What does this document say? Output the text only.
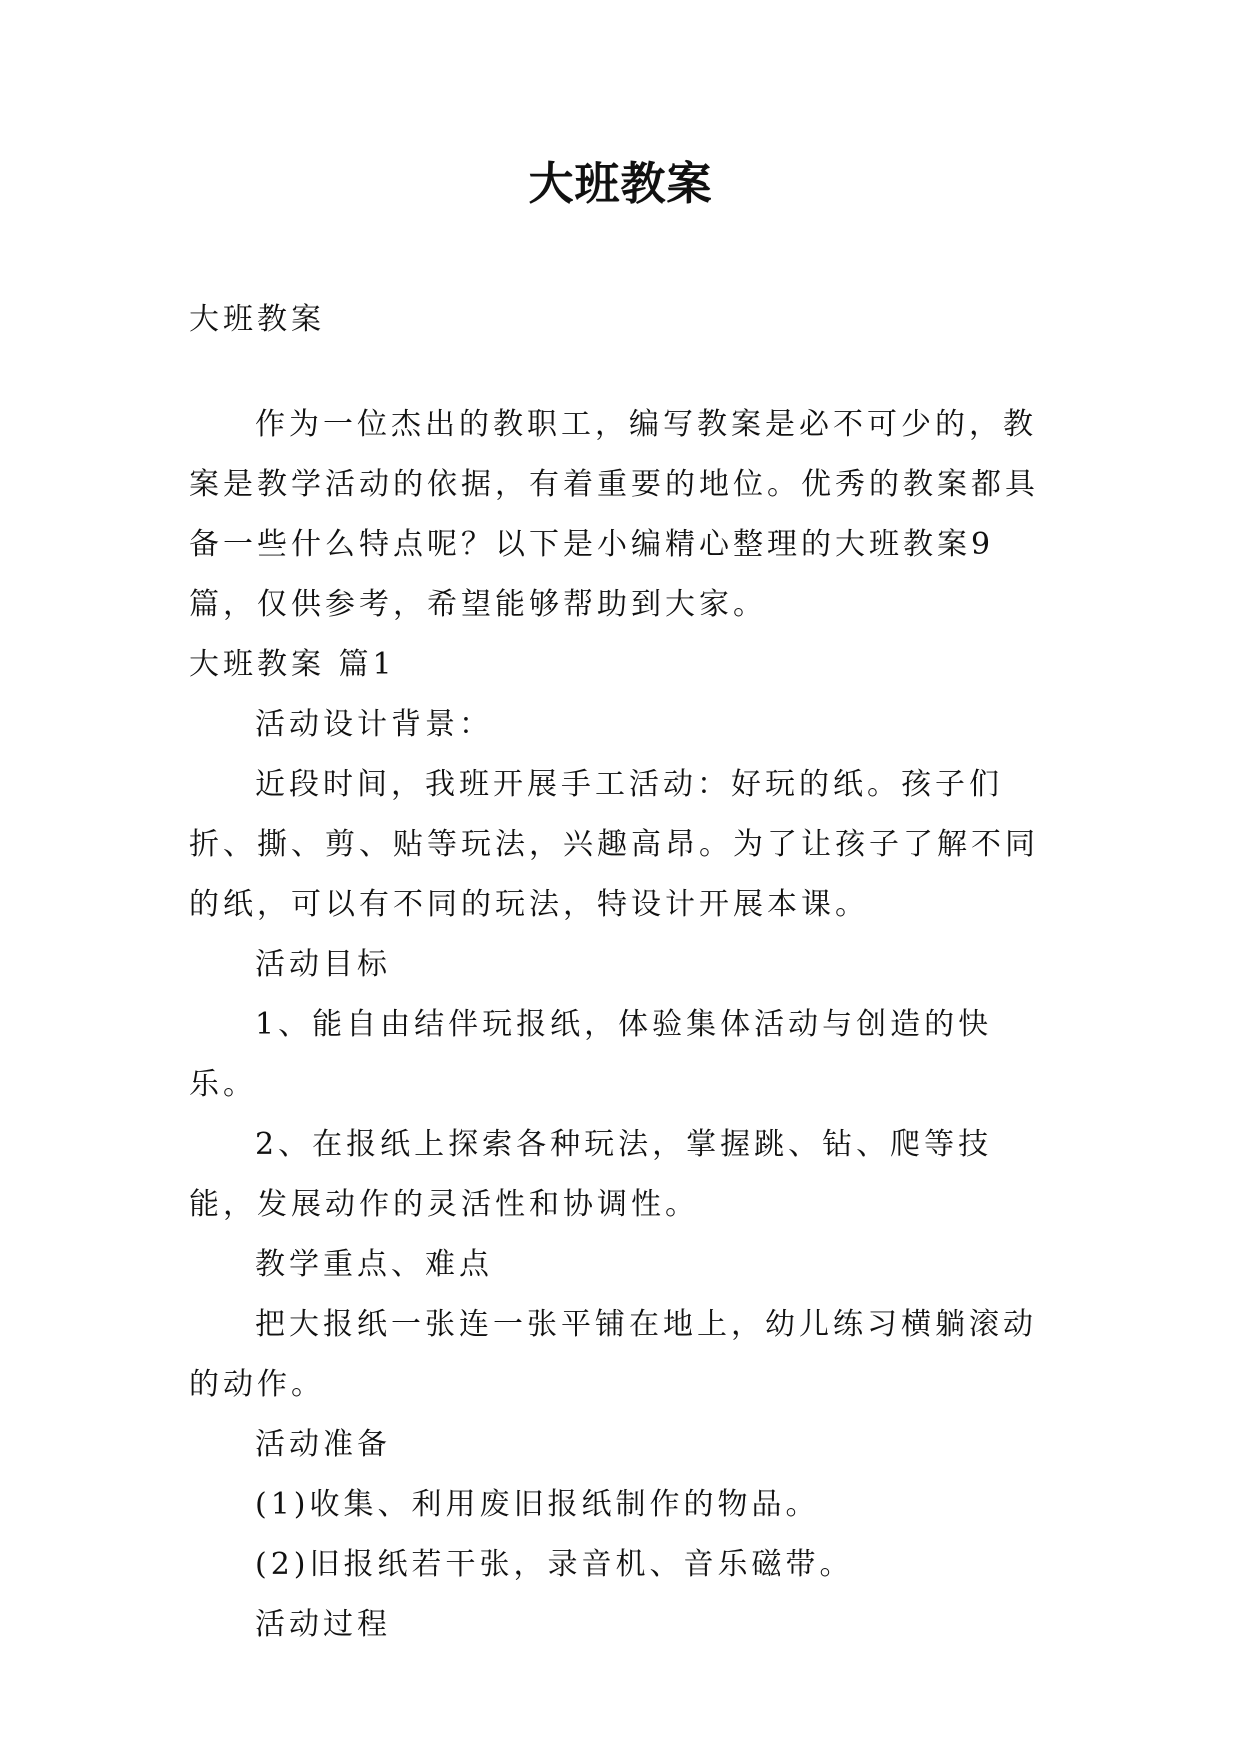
大班教案

大班教案

作为一位杰出的教职工，编写教案是必不可少的，教案是教学活动的依据，有着重要的地位。优秀的教案都具备一些什么特点呢？以下是小编精心整理的大班教案9篇，仅供参考，希望能够帮助到大家。

大班教案 篇1

活动设计背景：

近段时间，我班开展手工活动：好玩的纸。孩子们折、撕、剪、贴等玩法，兴趣高昂。为了让孩子了解不同的纸，可以有不同的玩法，特设计开展本课。

活动目标

1、能自由结伴玩报纸，体验集体活动与创造的快乐。

2、在报纸上探索各种玩法，掌握跳、钻、爬等技能，发展动作的灵活性和协调性。

教学重点、难点

把大报纸一张连一张平铺在地上，幼儿练习横躺滚动的动作。

活动准备

(1)收集、利用废旧报纸制作的物品。

(2)旧报纸若干张，录音机、音乐磁带。

活动过程
